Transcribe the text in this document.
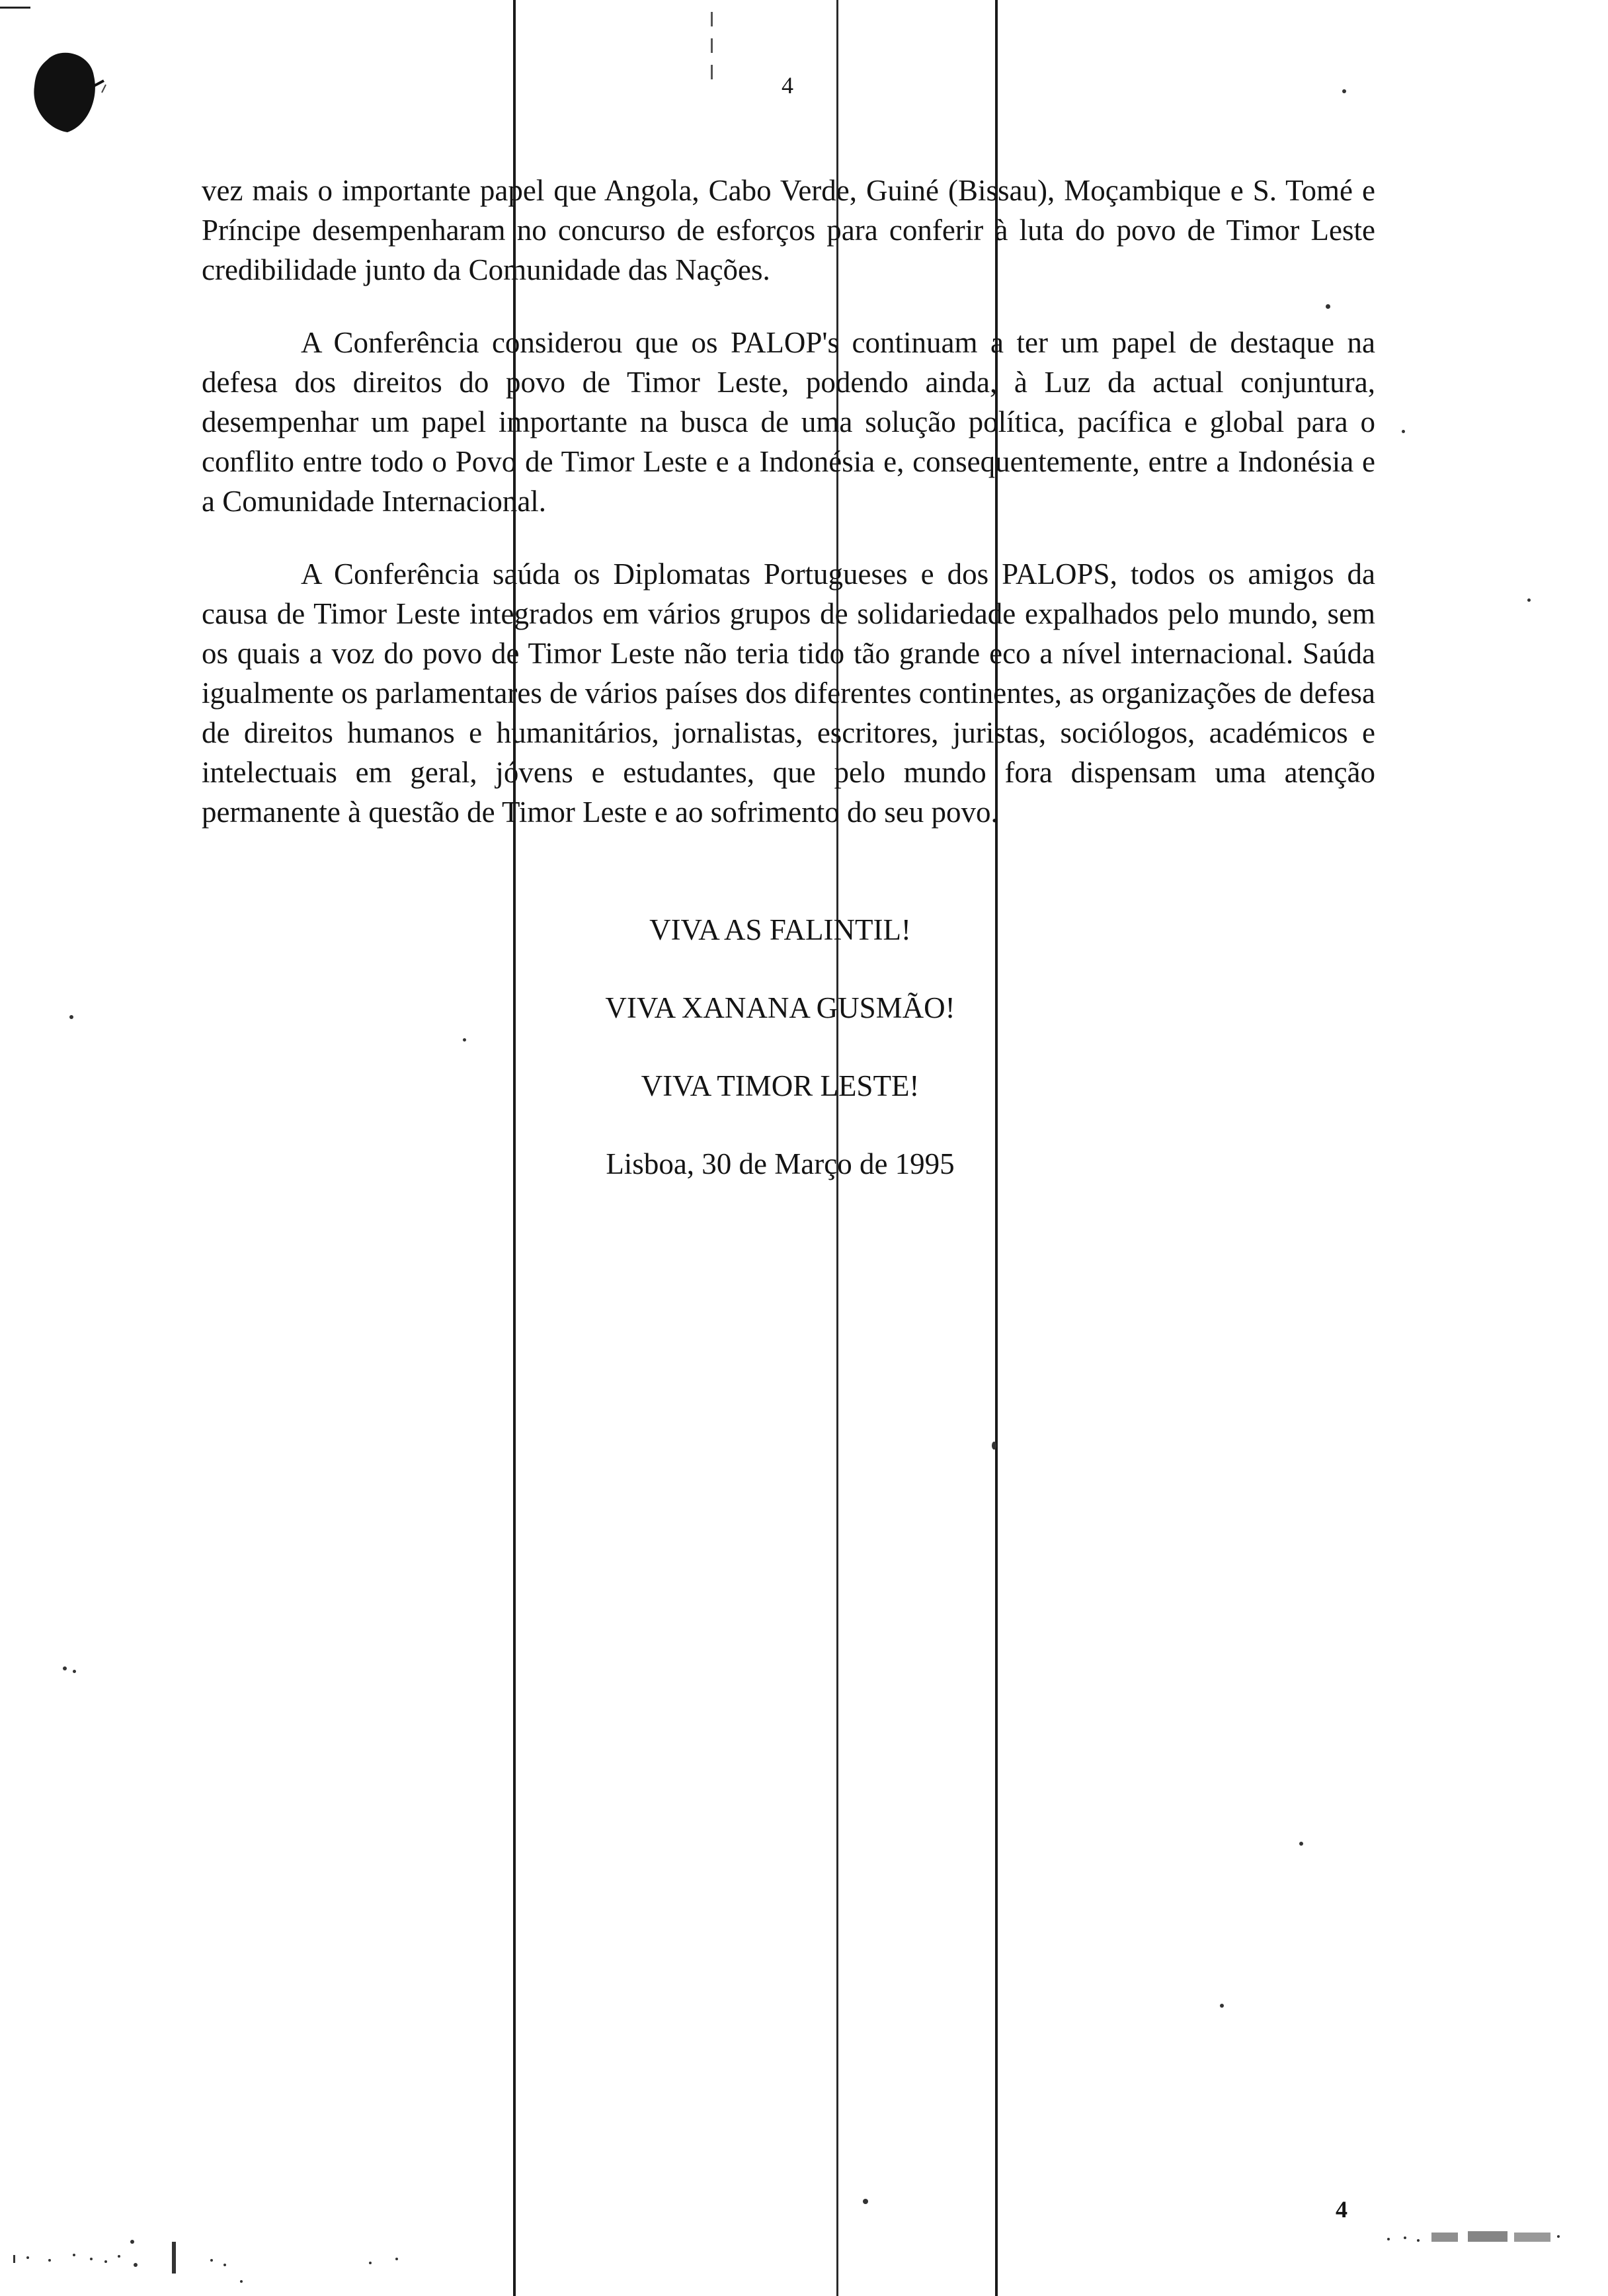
4

vez mais o importante papel que Angola, Cabo Verde, Guiné (Bissau), Moçambique e S. Tomé e Príncipe desempenharam no concurso de esforços para conferir à luta do povo de Timor Leste credibilidade junto da Comunidade das Nações.

A Conferência considerou que os PALOP's continuam a ter um papel de destaque na defesa dos direitos do povo de Timor Leste, podendo ainda, à Luz da actual conjuntura, desempenhar um papel importante na busca de uma solução política, pacífica e global para o conflito entre todo o Povo de Timor Leste e a Indonésia e, consequentemente, entre a Indonésia e a Comunidade Internacional.

A Conferência saúda os Diplomatas Portugueses e dos PALOPS, todos os amigos da causa de Timor Leste integrados em vários grupos de solidariedade expalhados pelo mundo, sem os quais a voz do povo de Timor Leste não teria tido tão grande eco a nível internacional. Saúda igualmente os parlamentares de vários países dos diferentes continentes, as organizações de defesa de direitos humanos e humanitários, jornalistas, escritores, juristas, sociólogos, académicos e intelectuais em geral, jóvens e estudantes, que pelo mundo fora dispensam uma atenção permanente à questão de Timor Leste e ao sofrimento do seu povo.

VIVA AS FALINTIL!
VIVA XANANA GUSMÃO!
VIVA TIMOR LESTE!
Lisboa, 30 de Março de 1995
4
